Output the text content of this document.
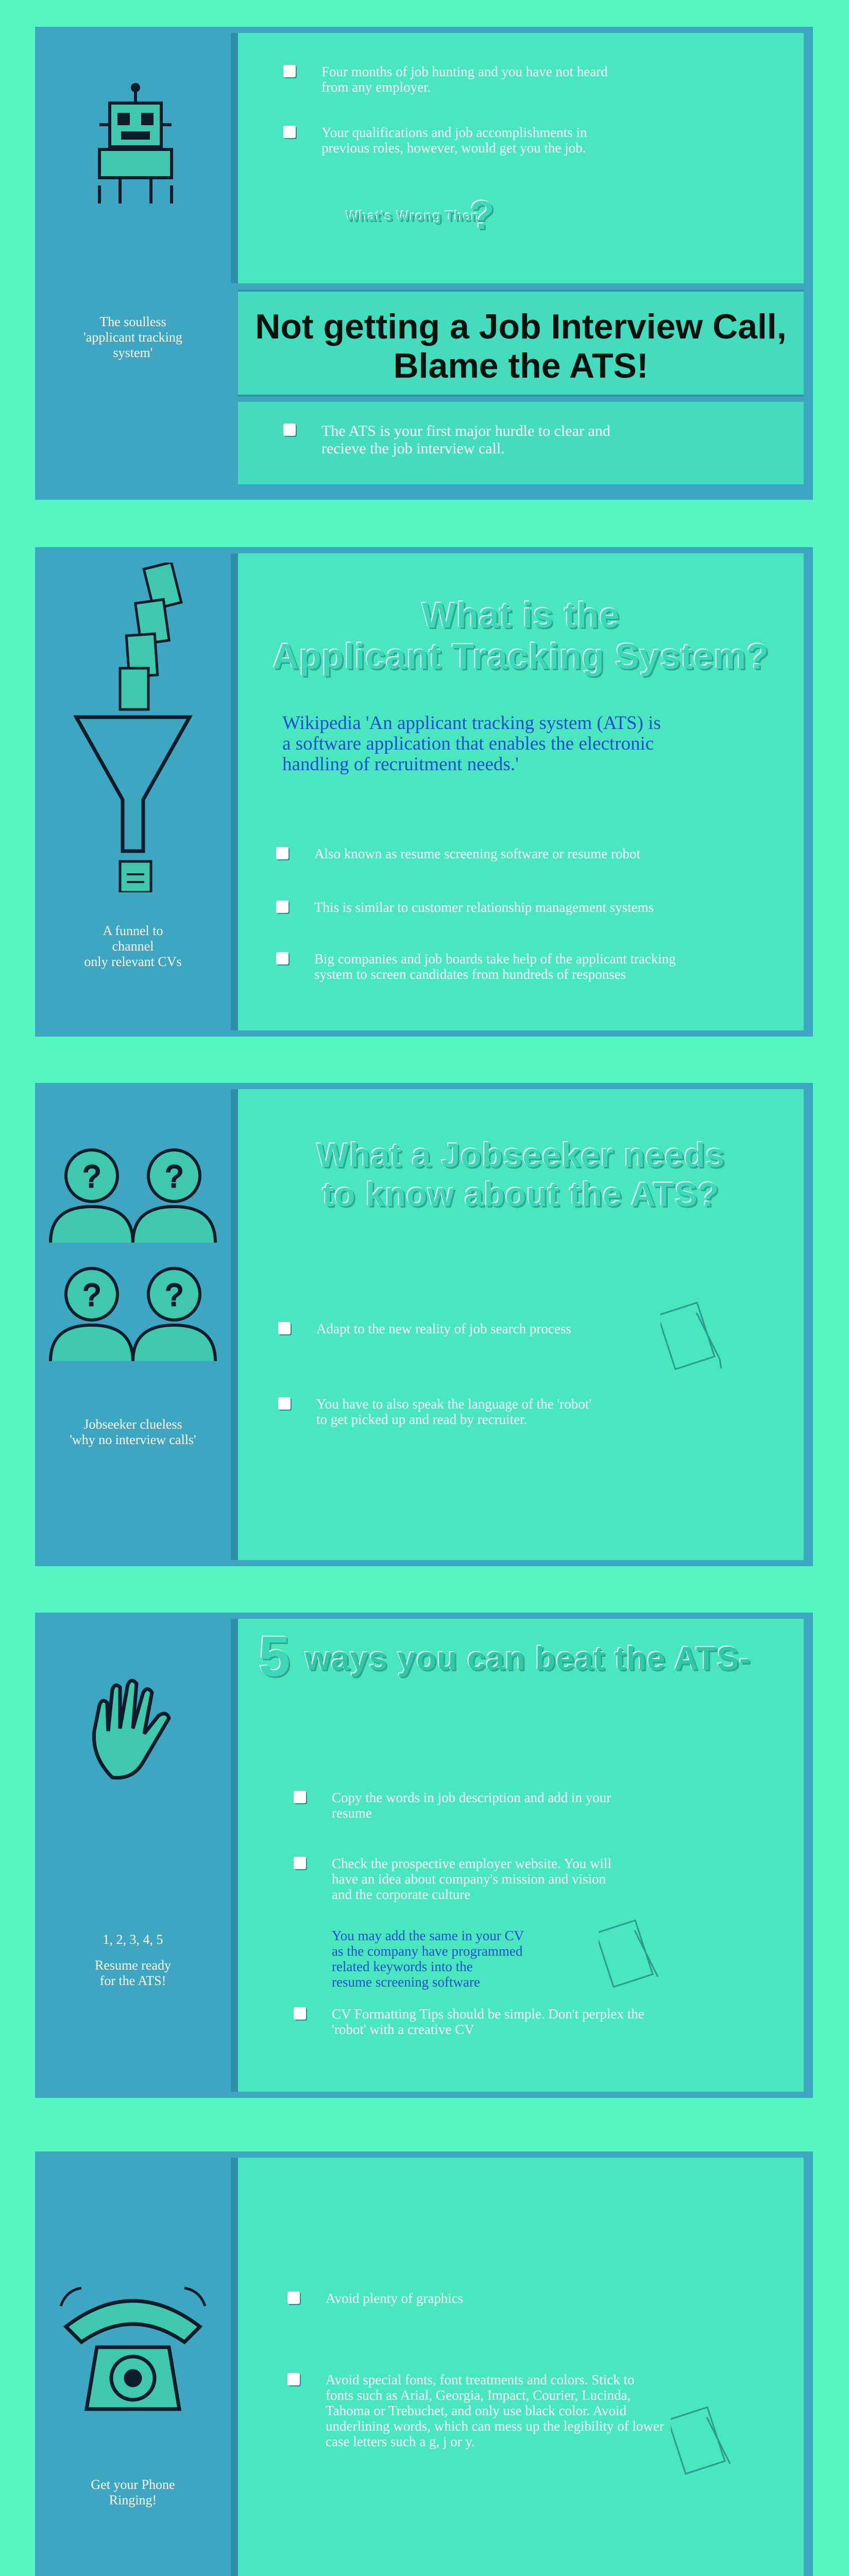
The soulless
'applicant tracking
system'
Four months of job hunting and you have not heard
from any employer.
Your qualifications and job accomplishments in
previous roles, however, would get you the job.
What's Wrong Then
?
Not getting a Job Interview Call,
Blame the ATS!
The ATS is your first major hurdle to clear and
recieve the job interview call.
A funnel to
channel
only relevant CVs
What is the
Applicant Tracking System?
Wikipedia 'An applicant tracking system (ATS) is
a software application that enables the electronic
handling of recruitment needs.'
Also known as resume screening software or resume robot
This is similar to customer relationship management systems
Big companies and job boards take help of the applicant tracking
system to screen candidates from hundreds of responses
? ?
? ?
Jobseeker clueless
'why no interview calls'
What a Jobseeker needs
to know about the ATS?
Adapt to the new reality of job search process
You have to also speak the language of the 'robot'
to get picked up and read by recruiter.
1, 2, 3, 4, 5
Resume ready
for the ATS!
5 ways you can beat the ATS-
Copy the words in job description and add in your
resume
Check the prospective employer website. You will
have an idea about company's mission and vision
and the corporate culture
You may add the same in your CV
as the company have programmed
related keywords into the
resume screening software
CV Formatting Tips should be simple. Don't perplex the
'robot' with a creative CV
Get your Phone
Ringing!
Avoid plenty of graphics
Avoid special fonts, font treatments and colors. Stick to
fonts such as Arial, Georgia, Impact, Courier, Lucinda,
Tahoma or Trebuchet, and only use black color. Avoid
underlining words, which can mess up the legibility of lower
case letters such a g, j or y.
